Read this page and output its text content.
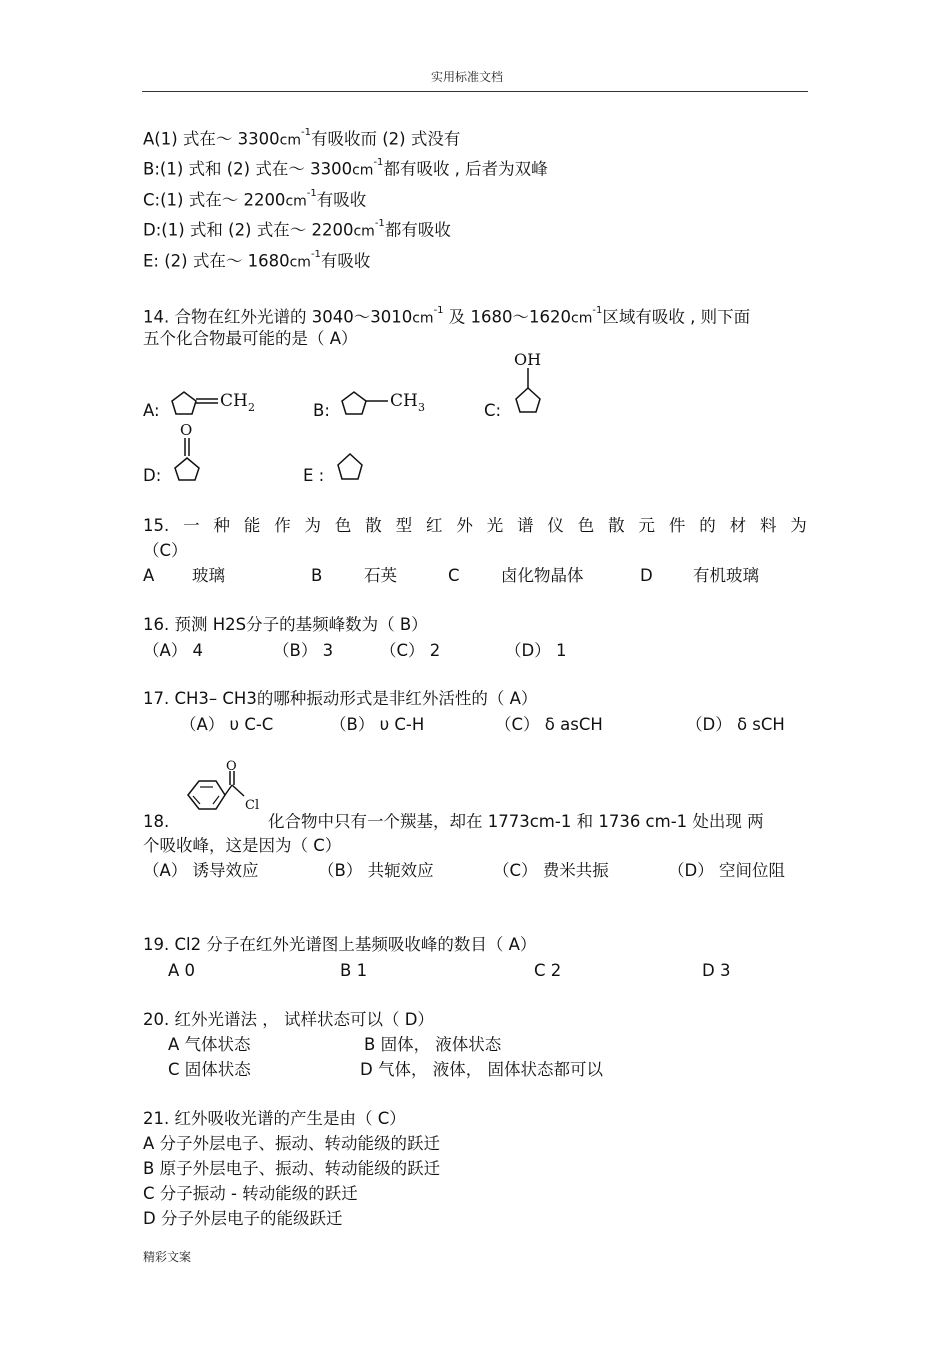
实用标准文档
A(1) 式在～ $3300cm^{-1}$有吸收而 (2) 式没有
B:(1) 式和 (2) 式在～ $3300cm^{-1}$都有吸收 , 后者为双峰
C:(1) 式在～ $2200cm^{-1}$有吸收
D:(1) 式和 (2) 式在～ $2200cm^{-1}$都有吸收
E: (2) 式在～ $1680cm^{-1}$有吸收
14. 合物在红外光谱的 $3040\sim 3010cm^{-1}$ 及 $1680\sim 1620cm^{-1}$区域有吸收 , 则下面
五个化合物最可能的是（ A）
A:	CH 2	B:	CH 3	C:
OH
D:
O
E :
15. 一 种 能 作 为 色 散 型 红 外 光 谱 仪 色 散 元 件 的 材 料 为
（C）
A 玻璃	B	石英	C	卤化物晶体	D 有机玻璃
16. 预测 H2S分子的基频峰数为（ B）
（A） 4	（B） 3	（C） 2	（D） 1
17. CH3– CH3的哪种振动形式是非红外活性的（ A）
（A） υ C-C	（B） υ C-H	（C） δ asCH	（D） δ sCH
18.
O
Cl
化合物中只有一个羰基，却在 1773cm-1 和 1736 cm-1 处出现 两
个吸收峰，这是因为（ C）
（A） 诱导效应	（B） 共轭效应	（C） 费米共振	（D） 空间位阻
19. Cl2 分子在红外光谱图上基频吸收峰的数目（ A）
A 0	B 1	C 2	D 3
20. 红外光谱法 ， 试样状态可以（ D）
A 气体状态	B 固体， 液体状态
C 固体状态	D 气体， 液体， 固体状态都可以
21. 红外吸收光谱的产生是由（ C）
A 分子外层电子、振动、转动能级的跃迁
B 原子外层电子、振动、转动能级的跃迁
C 分子振动 - 转动能级的跃迁
D 分子外层电子的能级跃迁
精彩文案
